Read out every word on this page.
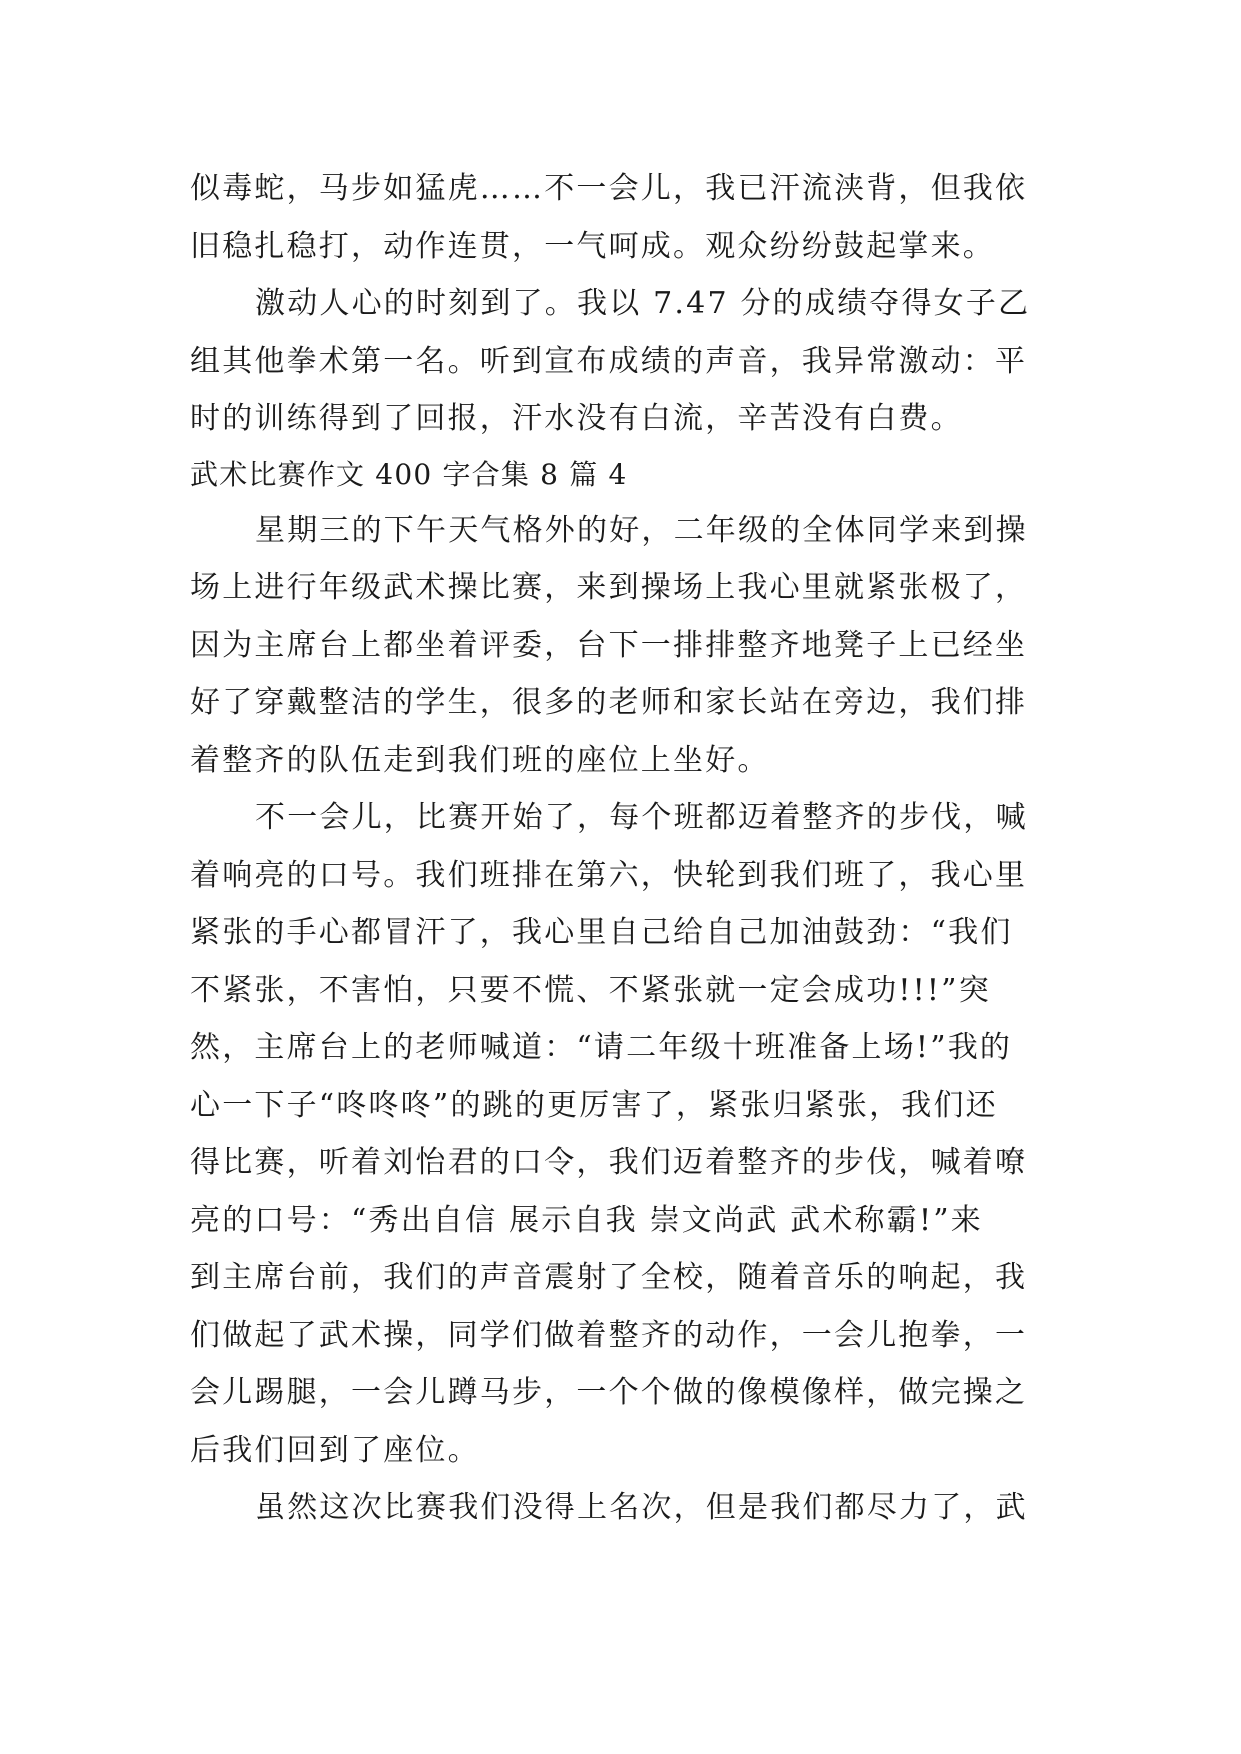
似毒蛇，马步如猛虎……不一会儿，我已汗流浃背，但我依
旧稳扎稳打，动作连贯，一气呵成。观众纷纷鼓起掌来。
激动人心的时刻到了。我以 7.47 分的成绩夺得女子乙
组其他拳术第一名。听到宣布成绩的声音，我异常激动：平
时的训练得到了回报，汗水没有白流，辛苦没有白费。
武术比赛作文 400 字合集 8 篇 4
星期三的下午天气格外的好，二年级的全体同学来到操
场上进行年级武术操比赛，来到操场上我心里就紧张极了，
因为主席台上都坐着评委，台下一排排整齐地凳子上已经坐
好了穿戴整洁的学生，很多的老师和家长站在旁边，我们排
着整齐的队伍走到我们班的座位上坐好。
不一会儿，比赛开始了，每个班都迈着整齐的步伐，喊
着响亮的口号。我们班排在第六，快轮到我们班了，我心里
紧张的手心都冒汗了，我心里自己给自己加油鼓劲：“我们
不紧张，不害怕，只要不慌、不紧张就一定会成功!!!”突
然，主席台上的老师喊道：“请二年级十班准备上场!”我的
心一下子“咚咚咚”的跳的更厉害了，紧张归紧张，我们还
得比赛，听着刘怡君的口令，我们迈着整齐的步伐，喊着嘹
亮的口号：“秀出自信 展示自我 崇文尚武 武术称霸!”来
到主席台前，我们的声音震射了全校，随着音乐的响起，我
们做起了武术操，同学们做着整齐的动作，一会儿抱拳，一
会儿踢腿，一会儿蹲马步，一个个做的像模像样，做完操之
后我们回到了座位。
虽然这次比赛我们没得上名次，但是我们都尽力了，武
